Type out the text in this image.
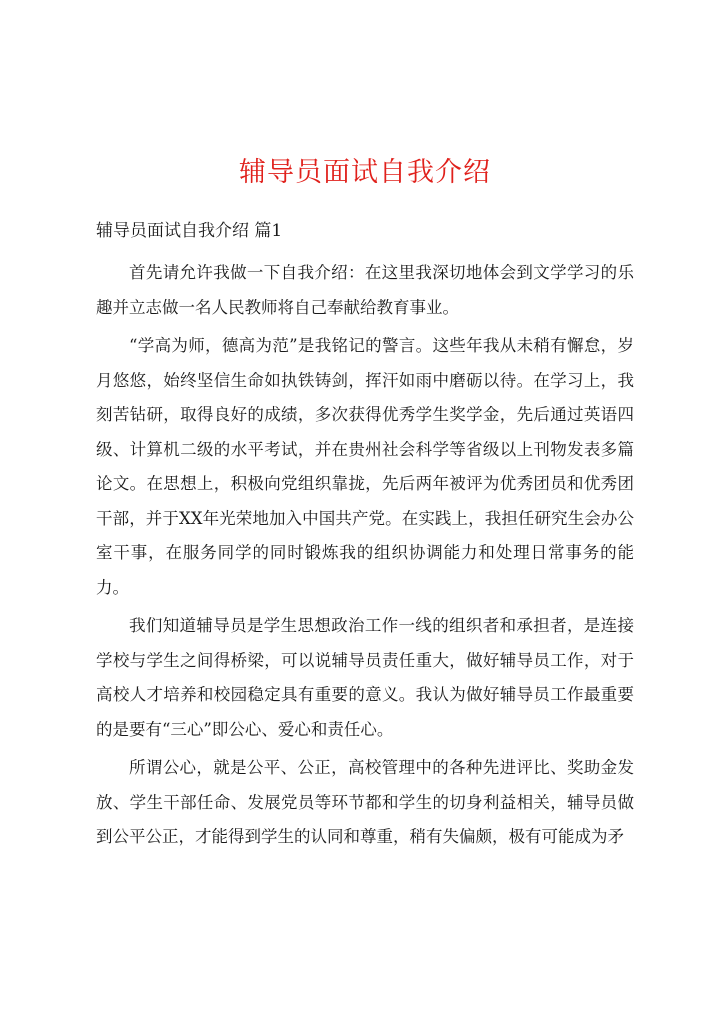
辅导员面试自我介绍

辅导员面试自我介绍 篇1

首先请允许我做一下自我介绍：在这里我深切地体会到文学学习的乐趣并立志做一名人民教师将自己奉献给教育事业。

“学高为师，德高为范”是我铭记的警言。这些年我从未稍有懈怠，岁月悠悠，始终坚信生命如执铁铸剑，挥汗如雨中磨砺以待。在学习上，我刻苦钻研，取得良好的成绩，多次获得优秀学生奖学金，先后通过英语四级、计算机二级的水平考试，并在贵州社会科学等省级以上刊物发表多篇论文。在思想上，积极向党组织靠拢，先后两年被评为优秀团员和优秀团干部，并于XX年光荣地加入中国共产党。在实践上，我担任研究生会办公室干事，在服务同学的同时锻炼我的组织协调能力和处理日常事务的能力。

我们知道辅导员是学生思想政治工作一线的组织者和承担者，是连接学校与学生之间得桥梁，可以说辅导员责任重大，做好辅导员工作，对于高校人才培养和校园稳定具有重要的意义。我认为做好辅导员工作最重要的是要有“三心”即公心、爱心和责任心。

所谓公心，就是公平、公正，高校管理中的各种先进评比、奖助金发放、学生干部任命、发展党员等环节都和学生的切身利益相关，辅导员做到公平公正，才能得到学生的认同和尊重，稍有失偏颇，极有可能成为矛
